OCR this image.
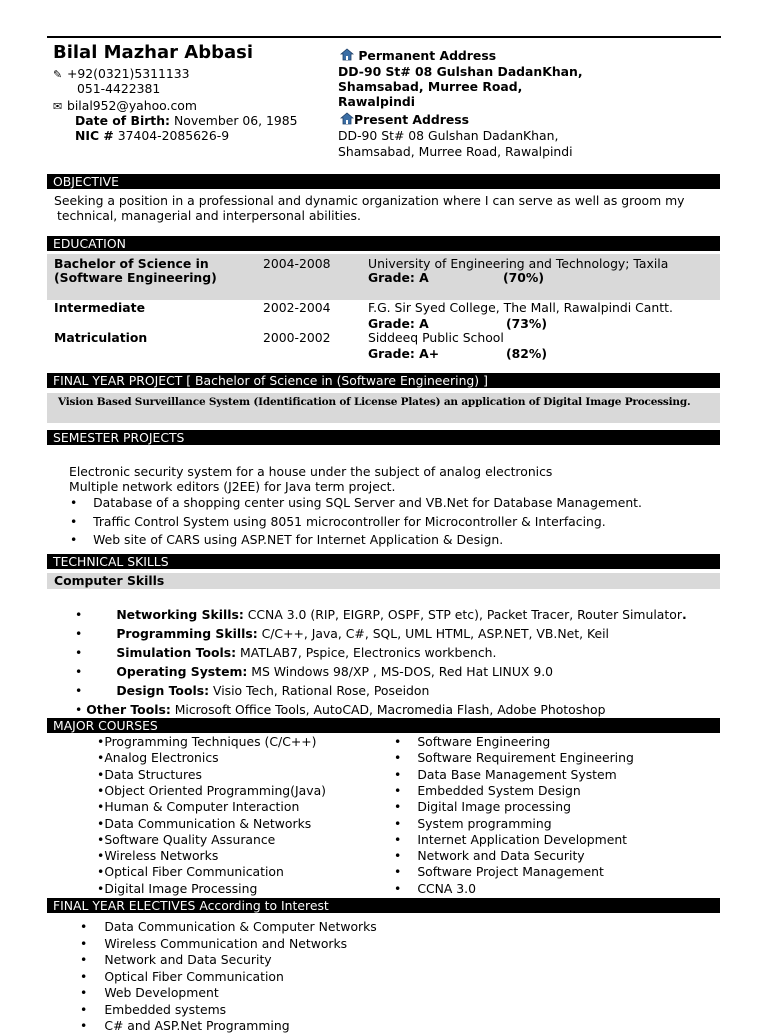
Bilal Mazhar Abbasi
✎ +92(0321)5311133
051-4422381
✉ bilal952@yahoo.com
Date of Birth: November 06, 1985
NIC # 37404-2085626-9
Permanent Address
DD-90 St# 08 Gulshan DadanKhan,
Shamsabad, Murree Road,
Rawalpindi
Present Address
DD-90 St# 08 Gulshan DadanKhan,
Shamsabad, Murree Road, Rawalpindi
OBJECTIVE
Seeking a position in a professional and dynamic organization where I can serve as well as groom my
technical, managerial and interpersonal abilities.
EDUCATION
Bachelor of Science in
(Software Engineering)
2004-2008	University of Engineering and Technology; Taxila
Grade: A	(70%)
Intermediate	2002-2004	F.G. Sir Syed College, The Mall, Rawalpindi Cantt.
Grade: A	(73%)
Matriculation	2000-2002	Siddeeq Public School
Grade: A+	(82%)
FINAL YEAR PROJECT [ Bachelor of Science in (Software Engineering) ]
Vision Based Surveillance System (Identification of License Plates) an application of Digital Image Processing.
SEMESTER PROJECTS
Electronic security system for a house under the subject of analog electronics
Multiple network editors (J2EE) for Java term project.
• Database of a shopping center using SQL Server and VB.Net for Database Management.
• Traffic Control System using 8051 microcontroller for Microcontroller & Interfacing.
• Web site of CARS using ASP.NET for Internet Application & Design.
TECHNICAL SKILLS
Computer Skills
•	Networking Skills: CCNA 3.0 (RIP, EIGRP, OSPF, STP etc), Packet Tracer, Router Simulator.
•	Programming Skills: C/C++, Java, C#, SQL, UML HTML, ASP.NET, VB.Net, Keil
•	Simulation Tools: MATLAB7, Pspice, Electronics workbench.
•	Operating System: MS Windows 98/XP , MS-DOS, Red Hat LINUX 9.0
•	Design Tools: Visio Tech, Rational Rose, Poseidon
• Other Tools: Microsoft Office Tools, AutoCAD, Macromedia Flash, Adobe Photoshop
MAJOR COURSES
•Programming Techniques (C/C++)
•Analog Electronics
•Data Structures
•Object Oriented Programming(Java)
•Human & Computer Interaction
•Data Communication & Networks
•Software Quality Assurance
•Wireless Networks
•Optical Fiber Communication
•Digital Image Processing
• Software Engineering
• Software Requirement Engineering
• Data Base Management System
• Embedded System Design
• Digital Image processing
• System programming
• Internet Application Development
• Network and Data Security
• Software Project Management
• CCNA 3.0
FINAL YEAR ELECTIVES According to Interest
• Data Communication & Computer Networks
• Wireless Communication and Networks
• Network and Data Security
• Optical Fiber Communication
• Web Development
• Embedded systems
• C# and ASP.Net Programming
